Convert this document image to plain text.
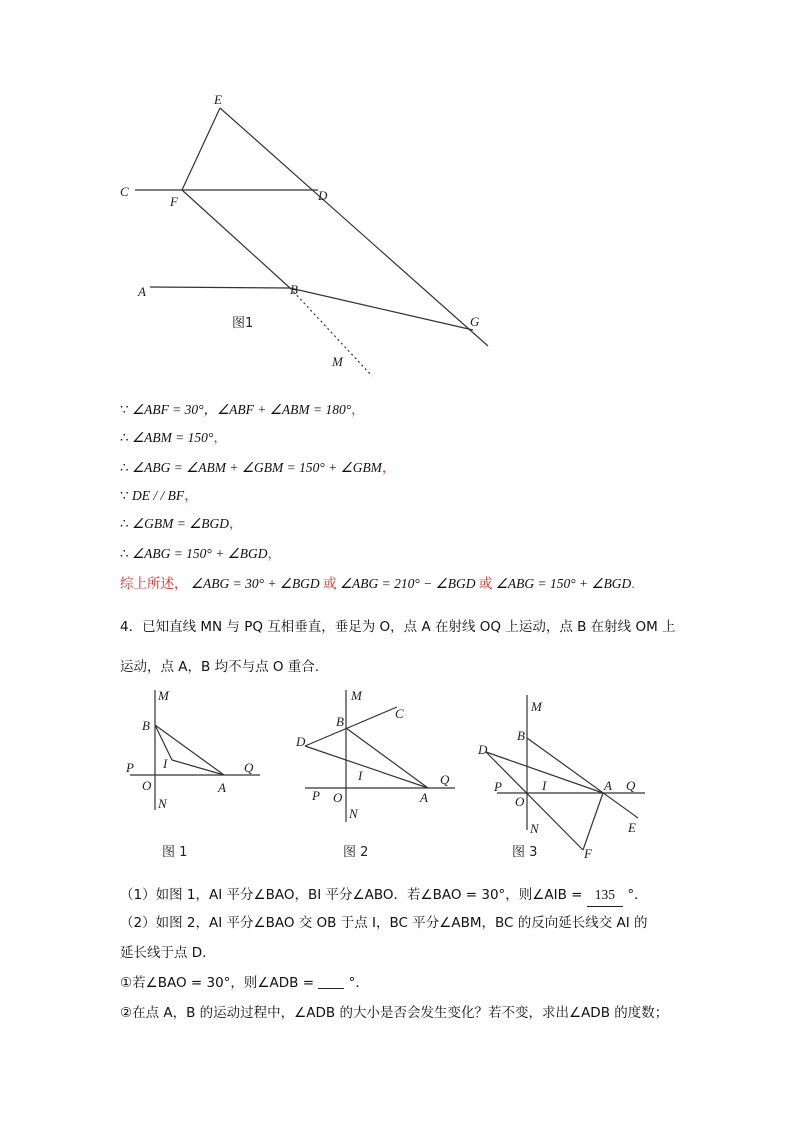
E
C
F	D
A	B
G
M
图1
∵ ∠ABF = 30°，∠ABF + ∠ABM = 180°，
∴ ∠ABM = 150°，
∴ ∠ABG = ∠ABM + ∠GBM = 150° + ∠GBM，
∵ DE / / BF，
∴ ∠GBM = ∠BGD，
∴ ∠ABG = 150° + ∠BGD，
综上所述， ∠ABG = 30° + ∠BGD 或 ∠ABG = 210° − ∠BGD 或 ∠ABG = 150° + ∠BGD.
4．已知直线 MN 与 PQ 互相垂直，垂足为 O，点 A 在射线 OQ 上运动，点 B 在射线 OM 上
运动，点 A，B 均不与点 O 重合.
M
B
I
P
O	A
Q
N
图 1
M
C
B
D
I
P O	A
Q
N
图 2
M
B
D
I
P
O
A Q
N	E
F
图 3
（1）如图 1，AI 平分∠BAO，BI 平分∠ABO．若∠BAO = 30°，则∠AIB = 135 °．
（2）如图 2，AI 平分∠BAO 交 OB 于点 I，BC 平分∠ABM，BC 的反向延长线交 AI 的
延长线于点 D．
①若∠BAO = 30°，则∠ADB =	°．
②在点 A，B 的运动过程中，∠ADB 的大小是否会发生变化？若不变，求出∠ADB 的度数；
